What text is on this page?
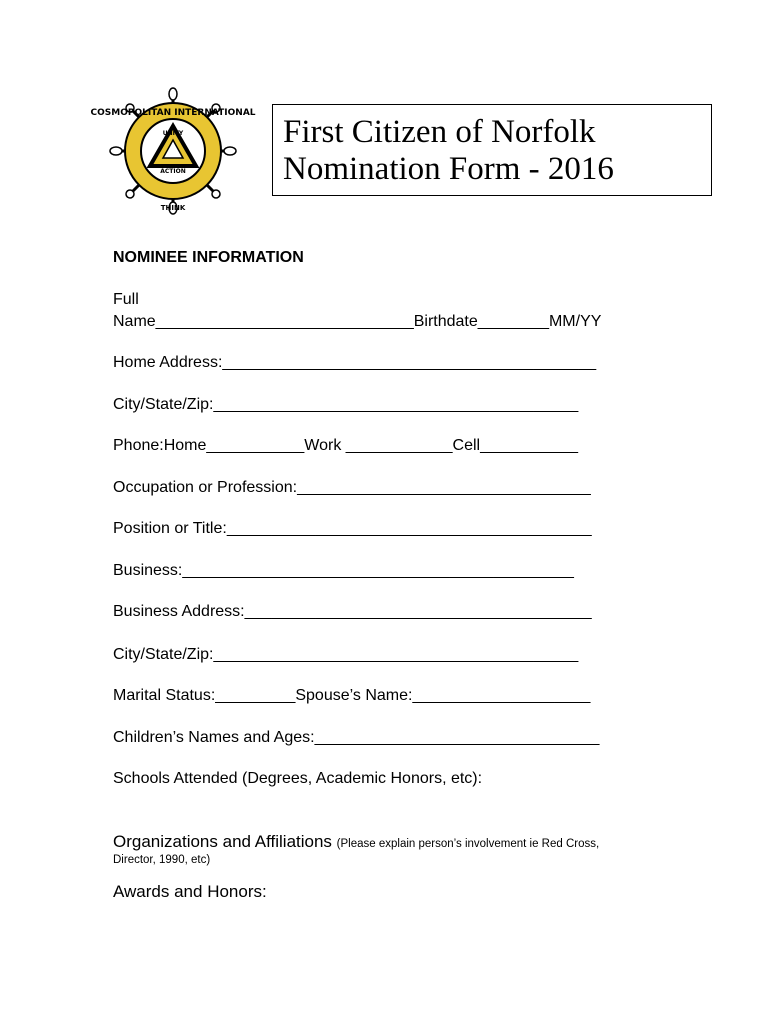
COSMOPOLITAN INTERNATIONAL
UNITY
ACTION
THINK
First Citizen of Norfolk
Nomination Form - 2016
NOMINEE INFORMATION
Full
Name_____________________________Birthdate________MM/YY
Home Address:__________________________________________
City/State/Zip:_________________________________________
Phone:Home___________Work ____________Cell___________
Occupation or Profession:_________________________________
Position or Title:_________________________________________
Business:____________________________________________
Business Address:_______________________________________
City/State/Zip:_________________________________________
Marital Status:_________Spouse’s Name:____________________
Children’s Names and Ages:________________________________
Schools Attended (Degrees, Academic Honors, etc):
Organizations and Affiliations (Please explain person’s involvement ie Red Cross,
Director, 1990, etc)
Awards and Honors:
